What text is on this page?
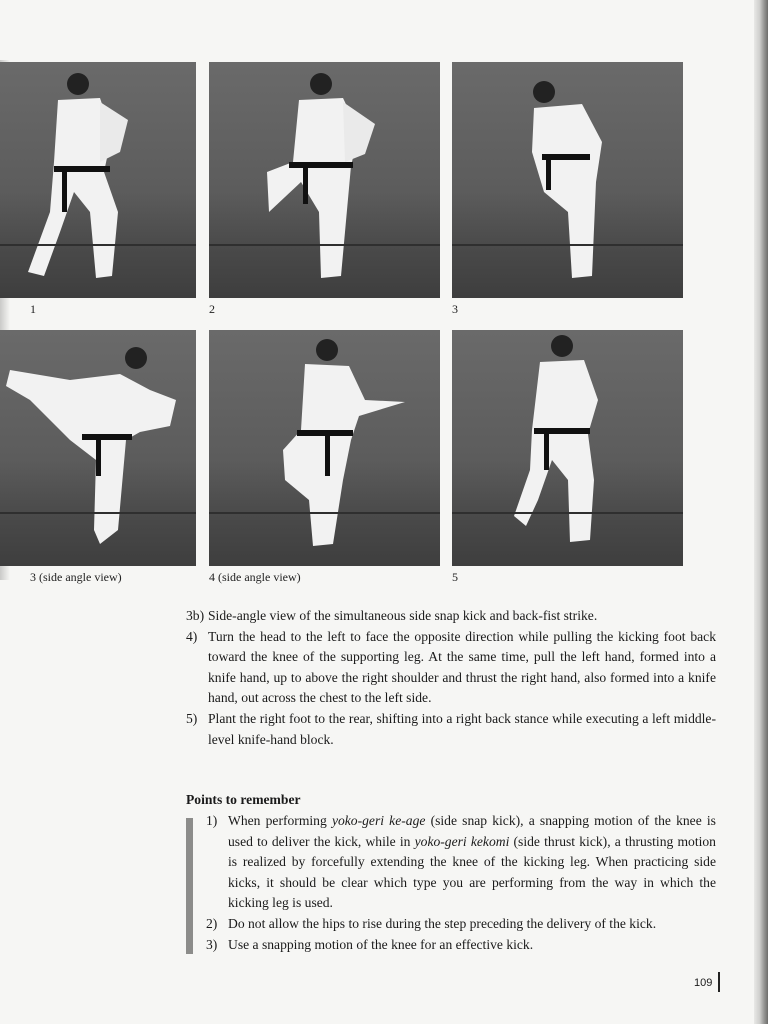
1	2	3
3 (side angle view)	4 (side angle view)	5
3b) Side-angle view of the simultaneous side snap kick and back-fist strike.
4) Turn the head to the left to face the opposite direction while pulling the kicking foot back toward the knee of the supporting leg. At the same time, pull the left hand, formed into a knife hand, up to above the right shoulder and thrust the right hand, also formed into a knife hand, out across the chest to the left side.
5) Plant the right foot to the rear, shifting into a right back stance while executing a left middle-level knife-hand block.
Points to remember
1) When performing yoko-geri ke-age (side snap kick), a snapping motion of the knee is used to deliver the kick, while in yoko-geri kekomi (side thrust kick), a thrusting motion is realized by forcefully extending the knee of the kicking leg. When practicing side kicks, it should be clear which type you are performing from the way in which the kicking leg is used.
2) Do not allow the hips to rise during the step preceding the delivery of the kick.
3) Use a snapping motion of the knee for an effective kick.
109
